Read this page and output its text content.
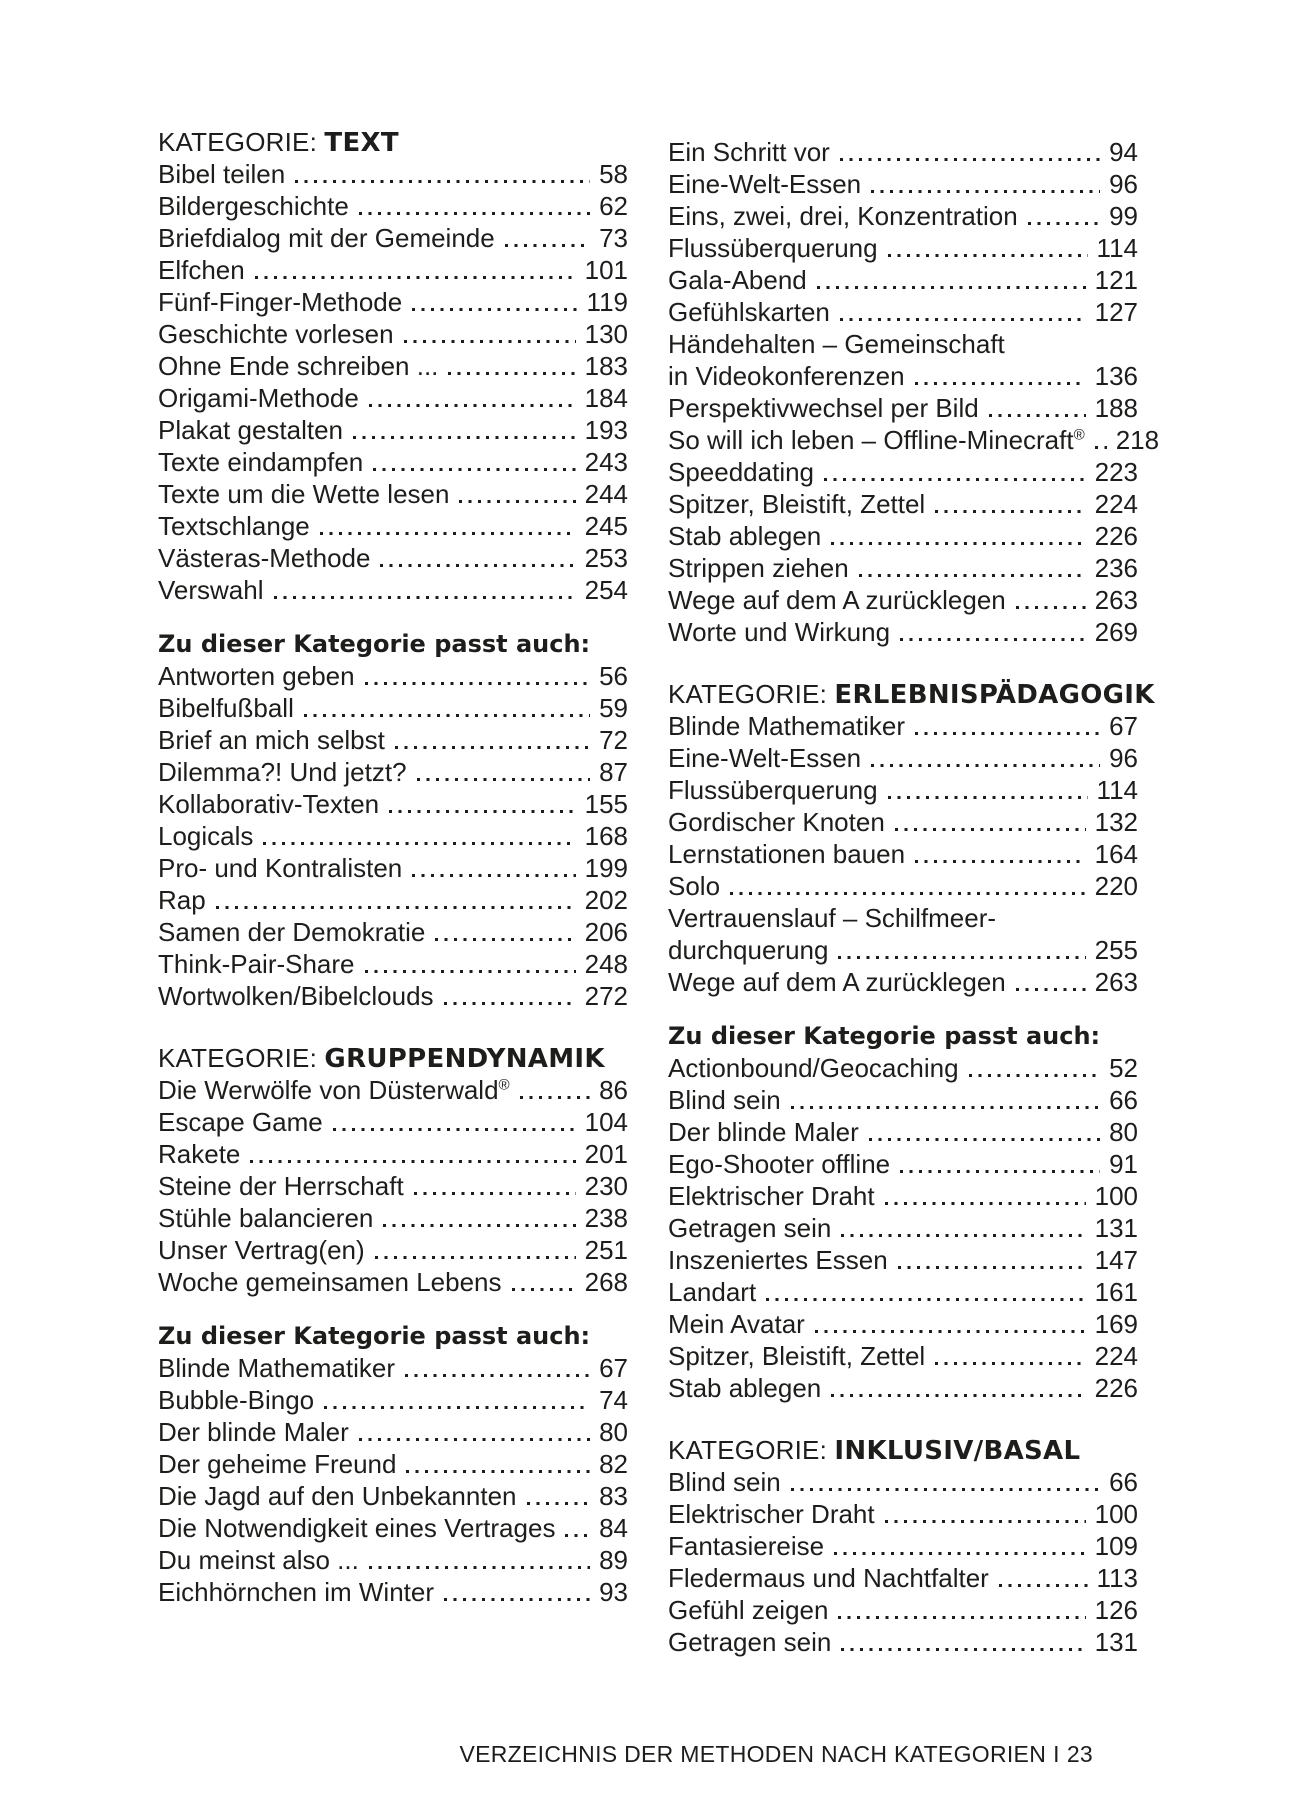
KATEGORIE: TEXT
Bibel teilen	58
Bildergeschichte	62
Briefdialog mit der Gemeinde	73
Elfchen	101
Fünf-Finger-Methode	119
Geschichte vorlesen	130
Ohne Ende schreiben ...	183
Origami-Methode	184
Plakat gestalten	193
Texte eindampfen	243
Texte um die Wette lesen	244
Textschlange	245
Västeras-Methode	253
Verswahl	254
Zu dieser Kategorie passt auch:
Antworten geben	56
Bibelfußball	59
Brief an mich selbst	72
Dilemma?! Und jetzt?	87
Kollaborativ-Texten	155
Logicals	168
Pro- und Kontralisten	199
Rap	202
Samen der Demokratie	206
Think-Pair-Share	248
Wortwolken/Bibelclouds	272
KATEGORIE: GRUPPENDYNAMIK
Die Werwölfe von Düsterwald®	86
Escape Game	104
Rakete	201
Steine der Herrschaft	230
Stühle balancieren	238
Unser Vertrag(en)	251
Woche gemeinsamen Lebens	268
Zu dieser Kategorie passt auch:
Blinde Mathematiker	67
Bubble-Bingo	74
Der blinde Maler	80
Der geheime Freund	82
Die Jagd auf den Unbekannten	83
Die Notwendigkeit eines Vertrages 84
Du meinst also ...	89
Eichhörnchen im Winter	93
Ein Schritt vor	94
Eine-Welt-Essen	96
Eins, zwei, drei, Konzentration	99
Flussüberquerung	114
Gala-Abend	121
Gefühlskarten	127
Händehalten – Gemeinschaft
in Videokonferenzen	136
Perspektivwechsel per Bild	188
So will ich leben – Offline-Minecraft® 218
Speeddating	223
Spitzer, Bleistift, Zettel	224
Stab ablegen	226
Strippen ziehen	236
Wege auf dem A zurücklegen	263
Worte und Wirkung	269
KATEGORIE: ERLEBNISPÄDAGOGIK
Blinde Mathematiker	67
Eine-Welt-Essen	96
Flussüberquerung	114
Gordischer Knoten	132
Lernstationen bauen	164
Solo	220
Vertrauenslauf – Schilfmeer-
durchquerung	255
Wege auf dem A zurücklegen	263
Zu dieser Kategorie passt auch:
Actionbound/Geocaching	52
Blind sein	66
Der blinde Maler	80
Ego-Shooter offline	91
Elektrischer Draht	100
Getragen sein	131
Inszeniertes Essen	147
Landart	161
Mein Avatar	169
Spitzer, Bleistift, Zettel	224
Stab ablegen	226
KATEGORIE: INKLUSIV/BASAL
Blind sein	66
Elektrischer Draht	100
Fantasiereise	109
Fledermaus und Nachtfalter	113
Gefühl zeigen	126
Getragen sein	131
VERZEICHNIS DER METHODEN NACH KATEGORIEN I 23
